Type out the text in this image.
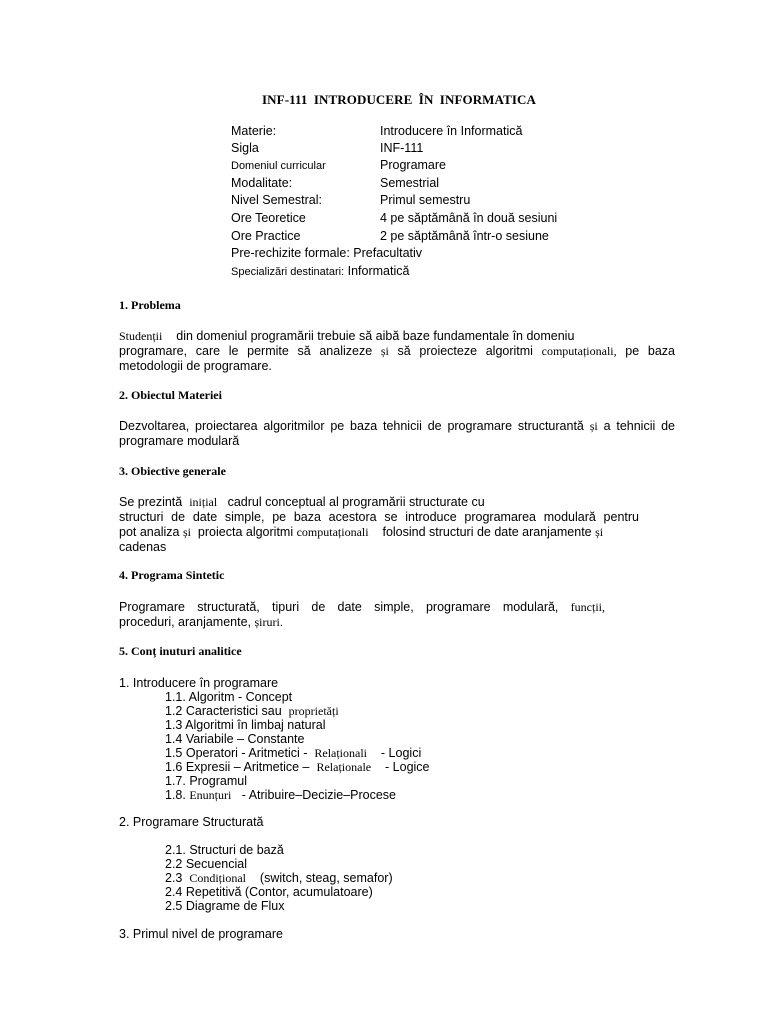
INF-111 INTRODUCERE ÎN INFORMATICA
Materie:	Introducere în Informatică
Sigla	INF-111
Domeniul curricular	Programare
Modalitate:	Semestrial
Nivel Semestral:	Primul semestru
Ore Teoretice	4 pe săptămână în două sesiuni
Ore Practice	2 pe săptămână într-o sesiune
Pre-rechizite formale: Prefacultativ
Specializări destinatari: Informatică
1. Problema
Studenții din domeniul programării trebuie să aibă baze fundamentale în domeniu
programare, care le permite să analizeze și să proiecteze algoritmi computaționali, pe baza
metodologii de programare.
2. Obiectul Materiei
Dezvoltarea, proiectarea algoritmilor pe baza tehnicii de programare structurantă și a tehnicii de
programare modulară
3. Obiective generale
Se prezintă inițial cadrul conceptual al programării structurate cu
structuri de date simple, pe baza acestora se introduce programarea modulară pentru
pot analiza și proiecta algoritmi computaționali folosind structuri de date aranjamente și
cadenas
4. Programa Sintetic
Programare structurată, tipuri de date simple, programare modulară, funcții,
proceduri, aranjamente, șiruri.
5. Conț inuturi analitice
1. Introducere în programare
1.1. Algoritm - Concept
1.2 Caracteristici sau proprietăți
1.3 Algoritmi în limbaj natural
1.4 Variabile – Constante
1.5 Operatori - Aritmetici - Relaționali - Logici
1.6 Expresii – Aritmetice – Relaționale - Logice
1.7. Programul
1.8. Enunțuri - Atribuire–Decizie–Procese
2. Programare Structurată
2.1. Structuri de bază
2.2 Secuencial
2.3 Condițional (switch, steag, semafor)
2.4 Repetitivă (Contor, acumulatoare)
2.5 Diagrame de Flux
3. Primul nivel de programare
